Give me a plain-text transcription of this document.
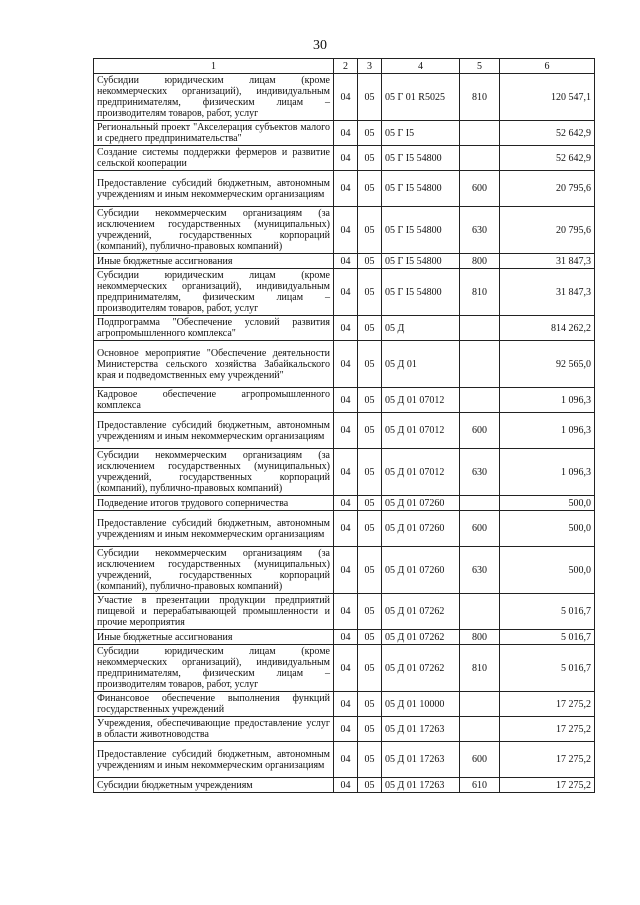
30
1	2	3	4	5	6
Субсидии юридическим лицам (кроме некоммерческих организаций), индивидуальным предпринимателям, физическим лицам – производителям товаров, работ, услуг	04	05	05 Г 01 R5025	810	120 547,1
Региональный проект "Акселерация субъектов малого и среднего предпринимательства"	04	05	05 Г I5		52 642,9
Создание системы поддержки фермеров и развитие сельской кооперации	04	05	05 Г I5 54800		52 642,9
Предоставление субсидий бюджетным, автономным учреждениям и иным некоммерческим организациям	04	05	05 Г I5 54800	600	20 795,6
Субсидии некоммерческим организациям (за исключением государственных (муниципальных) учреждений, государственных корпораций (компаний), публично-правовых компаний)	04	05	05 Г I5 54800	630	20 795,6
Иные бюджетные ассигнования	04	05	05 Г I5 54800	800	31 847,3
Субсидии юридическим лицам (кроме некоммерческих организаций), индивидуальным предпринимателям, физическим лицам – производителям товаров, работ, услуг	04	05	05 Г I5 54800	810	31 847,3
Подпрограмма "Обеспечение условий развития агропромышленного комплекса"	04	05	05 Д		814 262,2
Основное мероприятие "Обеспечение деятельности Министерства сельского хозяйства Забайкальского края и подведомственных ему учреждений"	04	05	05 Д 01		92 565,0
Кадровое обеспечение агропромышленного комплекса	04	05	05 Д 01 07012		1 096,3
Предоставление субсидий бюджетным, автономным учреждениям и иным некоммерческим организациям	04	05	05 Д 01 07012	600	1 096,3
Субсидии некоммерческим организациям (за исключением государственных (муниципальных) учреждений, государственных корпораций (компаний), публично-правовых компаний)	04	05	05 Д 01 07012	630	1 096,3
Подведение итогов трудового соперничества	04	05	05 Д 01 07260		500,0
Предоставление субсидий бюджетным, автономным учреждениям и иным некоммерческим организациям	04	05	05 Д 01 07260	600	500,0
Субсидии некоммерческим организациям (за исключением государственных (муниципальных) учреждений, государственных корпораций (компаний), публично-правовых компаний)	04	05	05 Д 01 07260	630	500,0
Участие в презентации продукции предприятий пищевой и перерабатывающей промышленности и прочие мероприятия	04	05	05 Д 01 07262		5 016,7
Иные бюджетные ассигнования	04	05	05 Д 01 07262	800	5 016,7
Субсидии юридическим лицам (кроме некоммерческих организаций), индивидуальным предпринимателям, физическим лицам – производителям товаров, работ, услуг	04	05	05 Д 01 07262	810	5 016,7
Финансовое обеспечение выполнения функций государственных учреждений	04	05	05 Д 01 10000		17 275,2
Учреждения, обеспечивающие предоставление услуг в области животноводства	04	05	05 Д 01 17263		17 275,2
Предоставление субсидий бюджетным, автономным учреждениям и иным некоммерческим организациям	04	05	05 Д 01 17263	600	17 275,2
Субсидии бюджетным учреждениям	04	05	05 Д 01 17263	610	17 275,2
